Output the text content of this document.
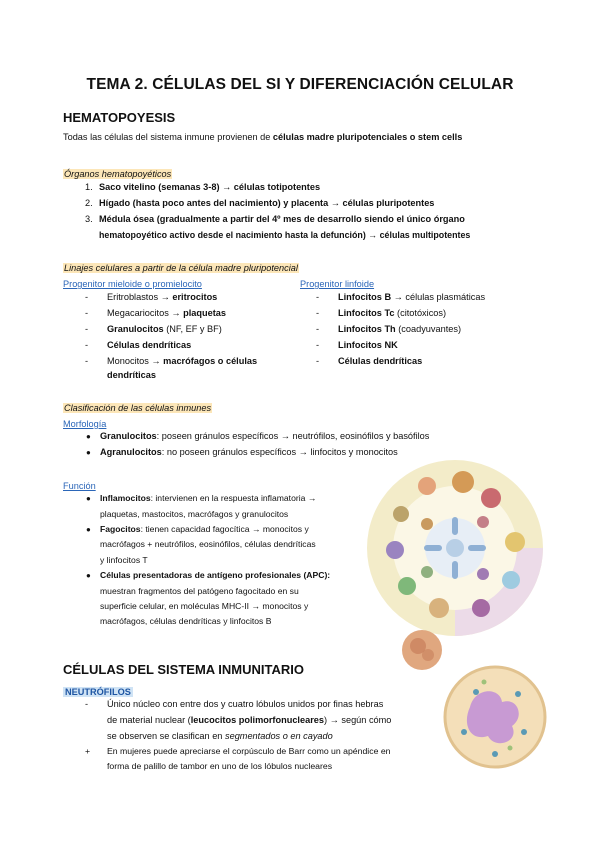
TEMA 2. CÉLULAS DEL SI Y DIFERENCIACIÓN CELULAR
HEMATOPOYESIS
Todas las células del sistema inmune provienen de células madre pluripotenciales o stem cells
Órganos hematopoyéticos
1. Saco vitelino (semanas 3-8) → células totipotentes
2. Hígado (hasta poco antes del nacimiento) y placenta → células pluripotentes
3. Médula ósea (gradualmente a partir del 4º mes de desarrollo siendo el único órgano
hematopoyético activo desde el nacimiento hasta la defunción) → células multipotentes
Linajes celulares a partir de la célula madre pluripotencial
Progenitor mieloide o promielocito	Progenitor linfoide
- Eritroblastos → eritrocitos
- Megacariocitos → plaquetas
- Granulocitos (NF, EF y BF)
- Células dendríticas
- Monocitos → macrófagos o células
dendríticas
- Linfocitos B → células plasmáticas
- Linfocitos Tc (citotóxicos)
- Linfocitos Th (coadyuvantes)
- Linfocitos NK
- Células dendríticas
Clasificación de las células inmunes
Morfología
● Granulocitos: poseen gránulos específicos → neutrófilos, eosinófilos y basófilos
● Agranulocitos: no poseen gránulos específicos → linfocitos y monocitos
Función
● Inflamocitos: intervienen en la respuesta inflamatoria →
plaquetas, mastocitos, macrófagos y granulocitos
● Fagocitos: tienen capacidad fagocítica → monocitos y
macrófagos + neutrófilos, eosinófilos, células dendríticas
y linfocitos T
● Células presentadoras de antígeno profesionales (APC):
muestran fragmentos del patógeno fagocitado en su
superficie celular, en moléculas MHC-II → monocitos y
macrófagos, células dendríticas y linfocitos B
CÉLULAS DEL SISTEMA INMUNITARIO
NEUTRÓFILOS
- Único núcleo con entre dos y cuatro lóbulos unidos por finas hebras
de material nuclear (leucocitos polimorfonucleares) → según cómo
se observen se clasifican en segmentados o en cayado
+ En mujeres puede apreciarse el corpúsculo de Barr como un apéndice en
forma de palillo de tambor en uno de los lóbulos nucleares
